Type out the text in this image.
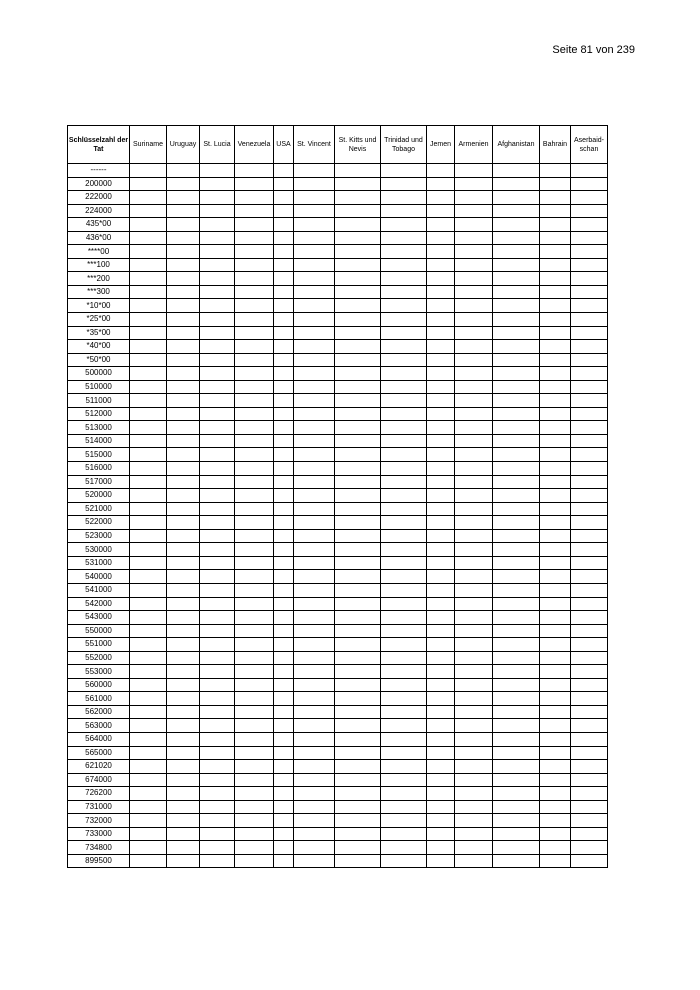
Seite 81 von 239
Schlüsselzahl der Tat	Suriname	Uruguay	St. Lucia	Venezuela	USA	St. Vincent	St. Kitts und Nevis	Trinidad und Tobago	Jemen	Armenien	Afghanistan	Bahrain	Aserbaid-schan
------													
200000													
222000													
224000													
435*00													
436*00													
****00													
***100													
***200													
***300													
*10*00													
*25*00													
*35*00													
*40*00													
*50*00													
500000													
510000													
511000													
512000													
513000													
514000													
515000													
516000													
517000													
520000													
521000													
522000													
523000													
530000													
531000													
540000													
541000													
542000													
543000													
550000													
551000													
552000													
553000													
560000													
561000													
562000													
563000													
564000													
565000													
621020													
674000													
726200													
731000													
732000													
733000													
734800													
899500													
